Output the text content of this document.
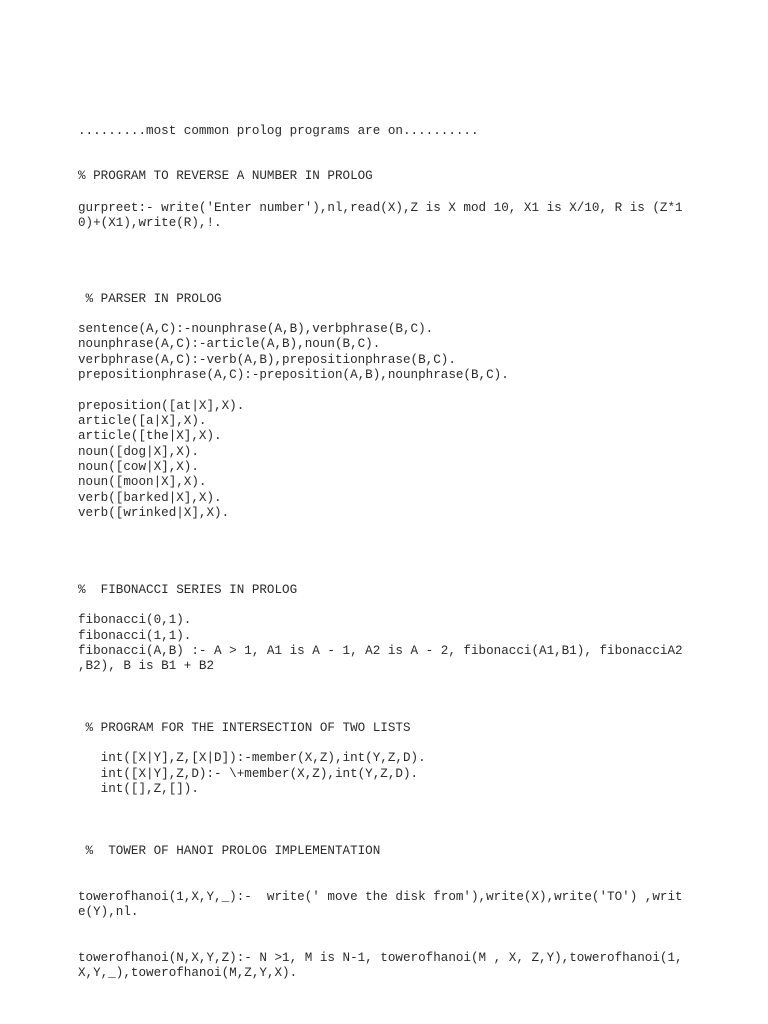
.........most common prolog programs are on..........

% PROGRAM TO REVERSE A NUMBER IN PROLOG

gurpreet:- write('Enter number'),nl,read(X),Z is X mod 10, X1 is X/10, R is (Z*1

0)+(X1),write(R),!.

% PARSER IN PROLOG

sentence(A,C):-nounphrase(A,B),verbphrase(B,C).

nounphrase(A,C):-article(A,B),noun(B,C).

verbphrase(A,C):-verb(A,B),prepositionphrase(B,C).

prepositionphrase(A,C):-preposition(A,B),nounphrase(B,C).

preposition([at|X],X).

article([a|X],X).

article([the|X],X).

noun([dog|X],X).

noun([cow|X],X).

noun([moon|X],X).

verb([barked|X],X).

verb([wrinked|X],X).

%  FIBONACCI SERIES IN PROLOG

fibonacci(0,1).

fibonacci(1,1).

fibonacci(A,B) :- A > 1, A1 is A - 1, A2 is A - 2, fibonacci(A1,B1), fibonacciA2

,B2), B is B1 + B2

% PROGRAM FOR THE INTERSECTION OF TWO LISTS

int([X|Y],Z,[X|D]):-member(X,Z),int(Y,Z,D).

int([X|Y],Z,D):- \+member(X,Z),int(Y,Z,D).

int([],Z,[]).

%  TOWER OF HANOI PROLOG IMPLEMENTATION

towerofhanoi(1,X,Y,_):-  write(' move the disk from'),write(X),write('TO') ,writ

e(Y),nl.

towerofhanoi(N,X,Y,Z):- N >1, M is N-1, towerofhanoi(M , X, Z,Y),towerofhanoi(1,

X,Y,_),towerofhanoi(M,Z,Y,X).
